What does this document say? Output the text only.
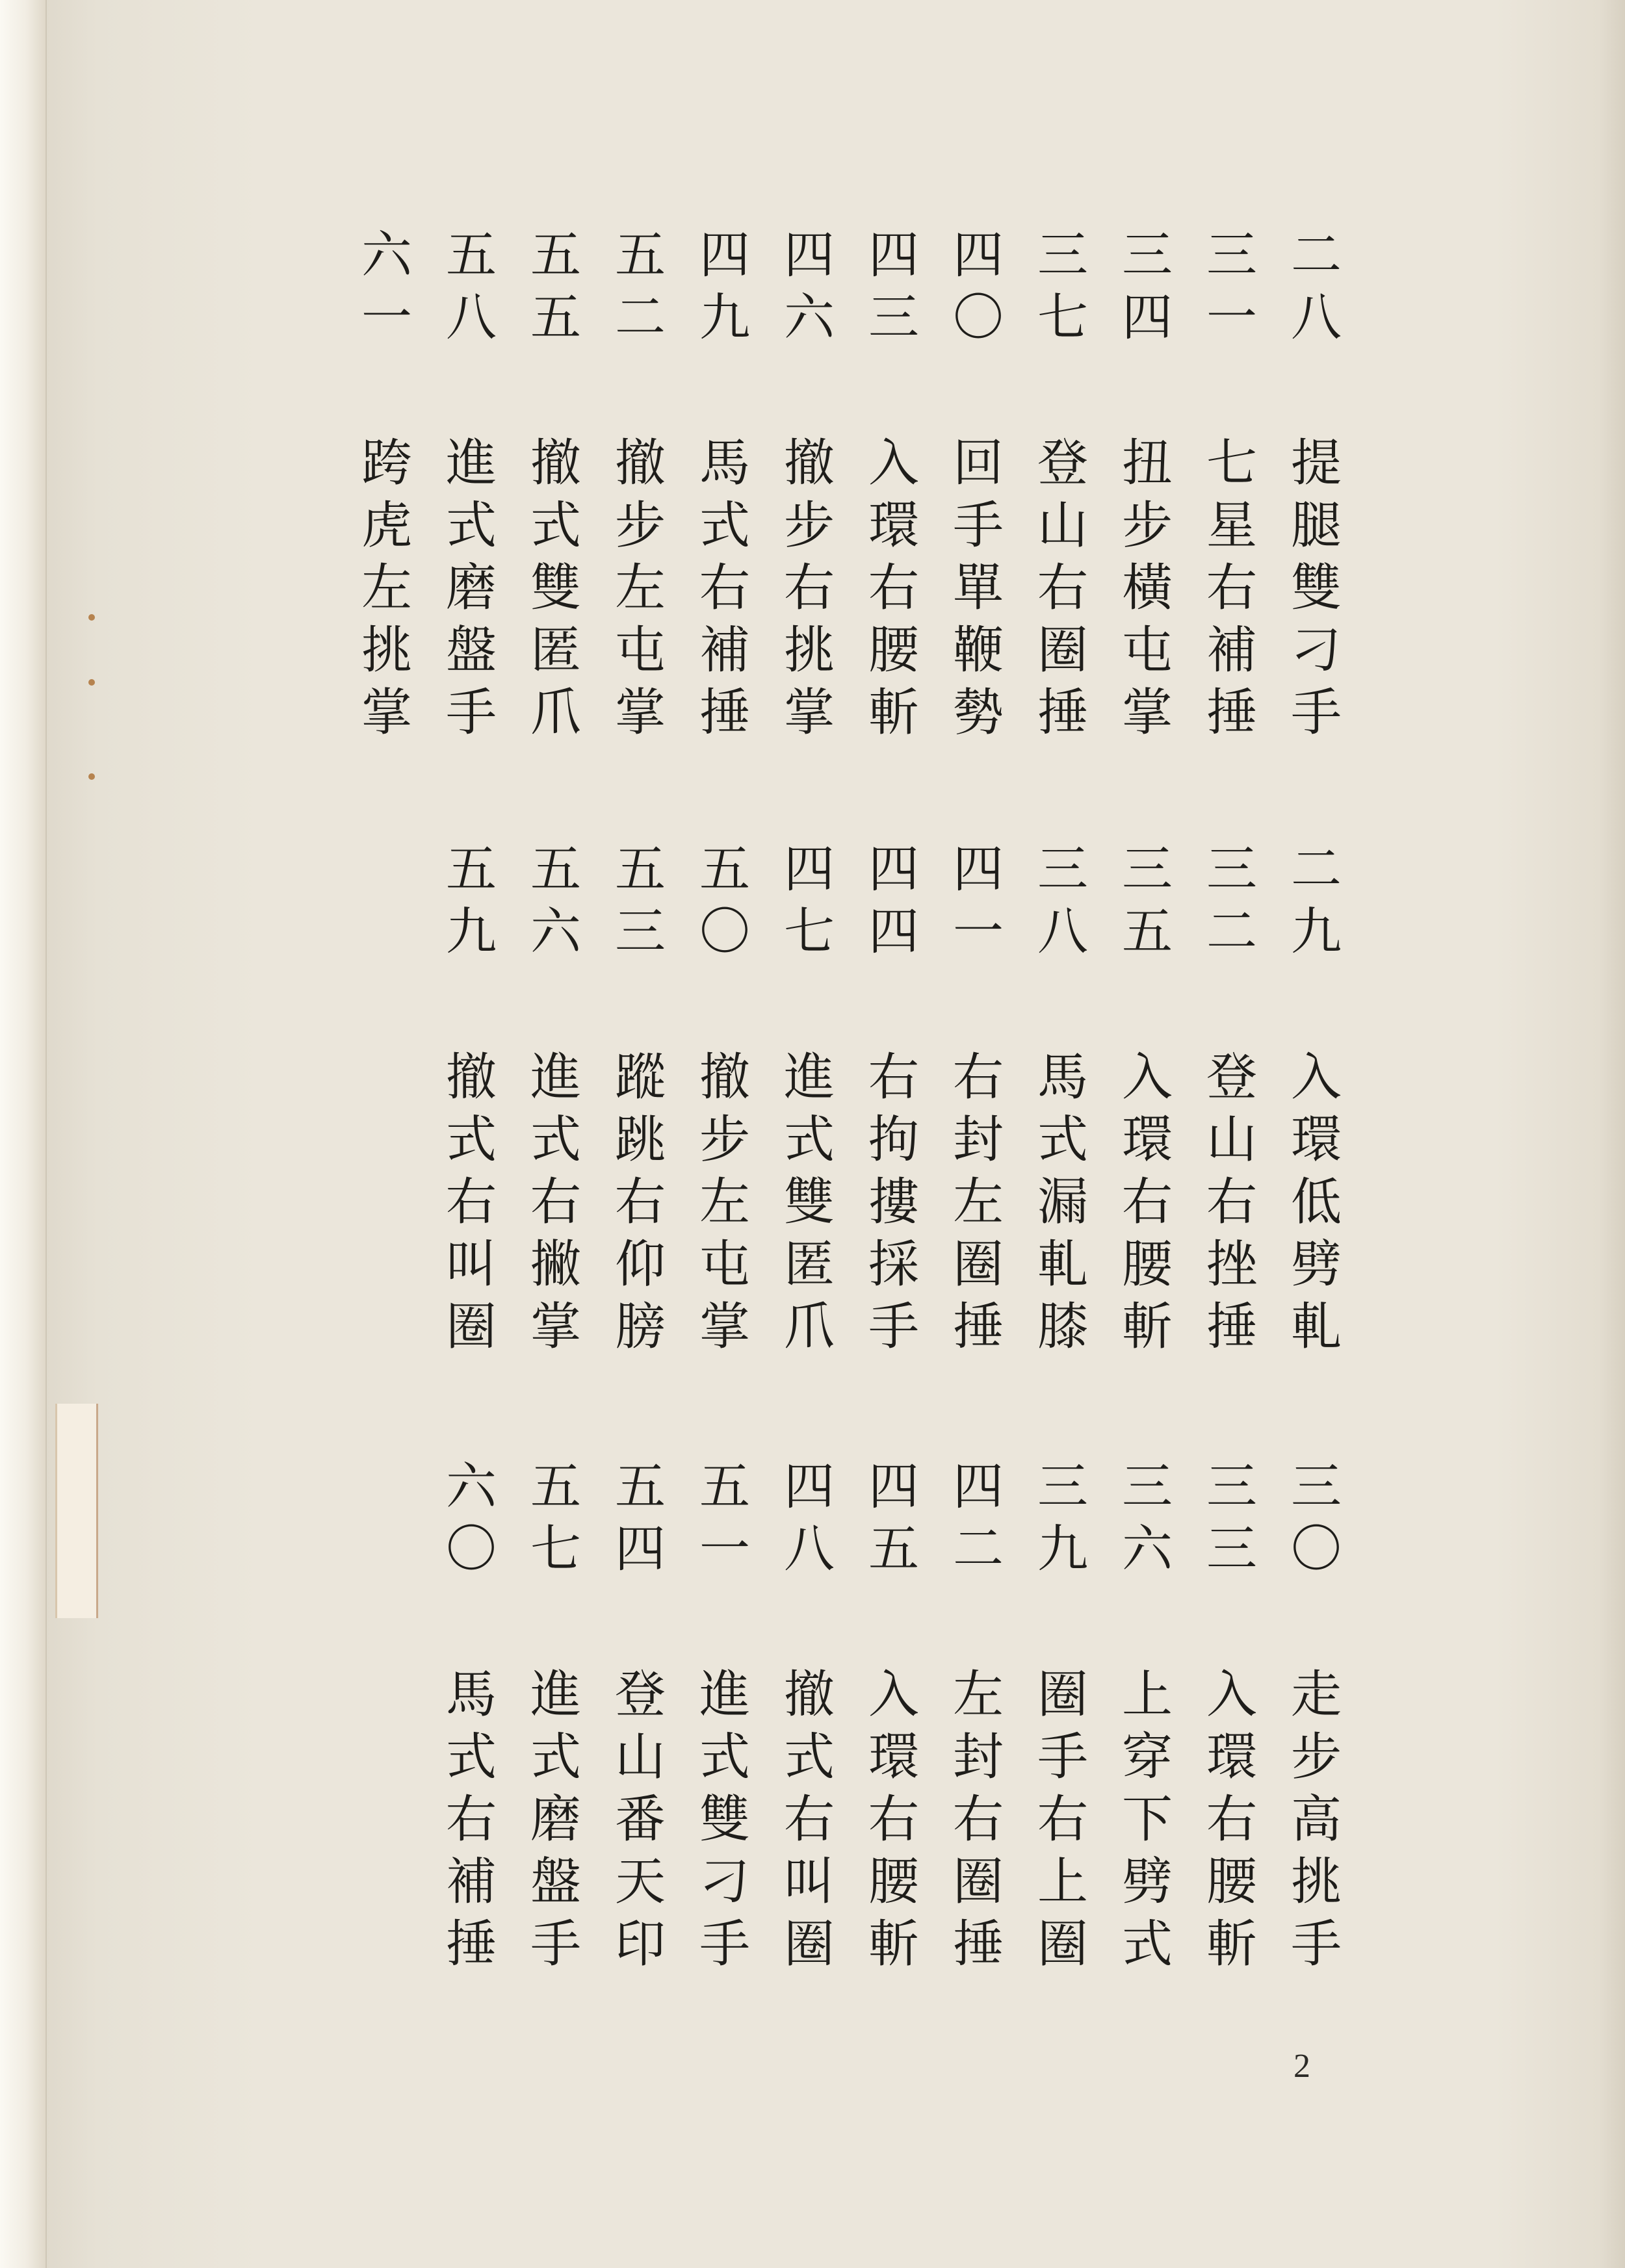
二
八
提
腿
雙
刁
手
三
一
七
星
右
補
捶
三
四
扭
步
橫
屯
掌
三
七
登
山
右
圈
捶
四
〇
回
手
單
鞭
勢
四
三
入
環
右
腰
斬
四
六
撤
步
右
挑
掌
四
九
馬
式
右
補
捶
五
二
撤
步
左
屯
掌
五
五
撤
式
雙
匿
爪
五
八
進
式
磨
盤
手
六
一
跨
虎
左
挑
掌
二
九
入
環
低
劈
軋
三
二
登
山
右
挫
捶
三
五
入
環
右
腰
斬
三
八
馬
式
漏
軋
膝
四
一
右
封
左
圈
捶
四
四
右
拘
摟
採
手
四
七
進
式
雙
匿
爪
五
〇
撤
步
左
屯
掌
五
三
蹤
跳
右
仰
膀
五
六
進
式
右
撇
掌
五
九
撤
式
右
叫
圈
三
〇
走
步
高
挑
手
三
三
入
環
右
腰
斬
三
六
上
穿
下
劈
式
三
九
圈
手
右
上
圈
四
二
左
封
右
圈
捶
四
五
入
環
右
腰
斬
四
八
撤
式
右
叫
圈
五
一
進
式
雙
刁
手
五
四
登
山
番
天
印
五
七
進
式
磨
盤
手
六
〇
馬
式
右
補
捶
2
